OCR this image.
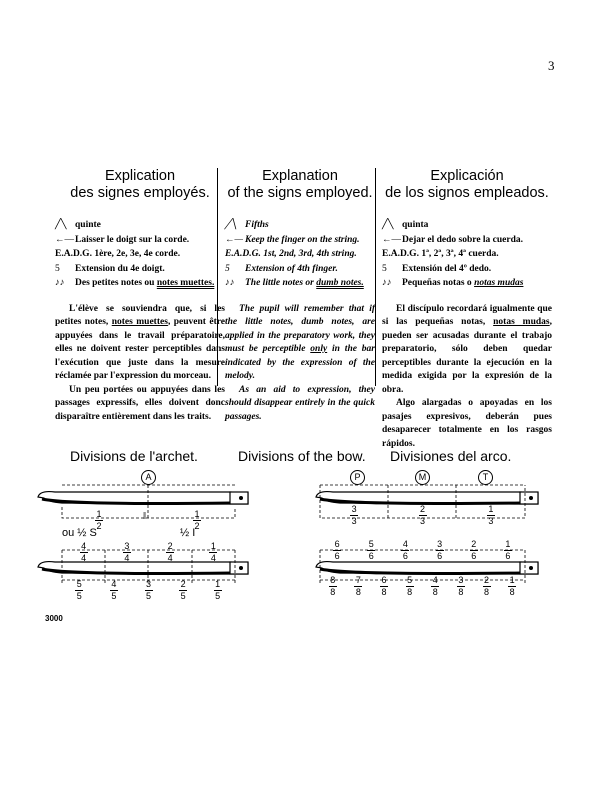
3
Explication
des signes employés.
╱╲ quinte
←—Laisser le doigt sur la corde.
E.A.D.G. 1ère, 2e, 3e, 4e corde.
5 Extension du 4e doigt.
♪♪ Des petites notes ou notes muettes.
L'élève se souviendra que, si les petites notes, notes muettes, peuvent être appuyées dans le travail préparatoire, elles ne doivent rester perceptibles dans l'exécution que juste dans la mesure réclamée par l'expression du morceau.
Un peu portées ou appuyées dans les passages expressifs, elles doivent donc disparaître entièrement dans les traits.
Explanation
of the signs employed.
╱╲ Fifths
←— Keep the finger on the string.
E.A.D.G. 1st, 2nd, 3rd, 4th string.
5 Extension of 4th finger.
♪♪ The little notes or dumb notes.
The pupil will remember that if the little notes, dumb notes, are applied in the preparatory work, they must be perceptible only in the bar indicated by the expression of the melody.
As an aid to expression, they should disappear entirely in the quick passages.
Explicación
de los signos empleados.
╱╲ quinta
←—Dejar el dedo sobre la cuerda.
E.A.D.G. 1ª, 2ª, 3ª, 4ª cuerda.
5 Extensión del 4º dedo.
♪♪ Pequeñas notas o notas mudas
El discípulo recordará igualmente que si las pequeñas notas, notas mudas, pueden ser acusadas durante el trabajo preparatorio, sólo deben quedar perceptibles durante la ejecución en la medida exigida por la expresión de la obra.
Algo alargadas o apoyadas en los pasajes expresivos, deberán pues desaparecer totalmente en los rasgos rápidos.
Divisions de l'archet.	Divisions of the bow. Divisiones del arco.
A	P	M	T
1
2
‖	1
2
ou ½ S	½ I
4
4
3
4
2
4
1
4
5
5
4
5
3
5
2
5
1
5
3
3
2
3
1
3
6
6
5
6
4
6
3
6
2
6
1
6
8
8
7
8
6
8
5
8
4
8
3
8
2
8
1
8
3000
